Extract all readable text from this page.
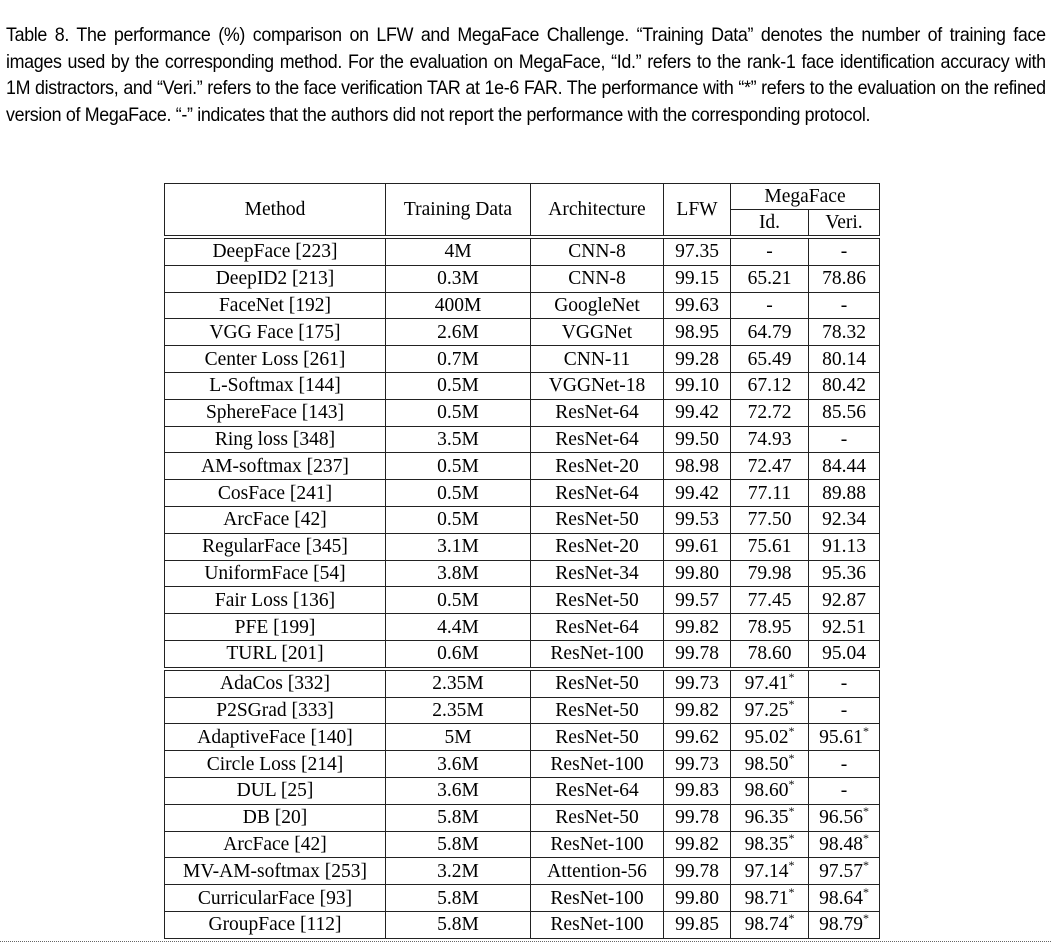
Table 8. The performance (%) comparison on LFW and MegaFace Challenge. “Training Data” denotes the number of training face images used by the corresponding method. For the evaluation on MegaFace, “Id.” refers to the rank-1 face identification accuracy with 1M distractors, and “Veri.” refers to the face verification TAR at 1e-6 FAR. The performance with “*” refers to the evaluation on the refined version of MegaFace. “-” indicates that the authors did not report the performance with the corresponding protocol.

Method	Training Data	Architecture	LFW	MegaFace	
				Id.	Veri.

DeepFace [223]	4M	CNN-8	97.35	-	-
DeepID2 [213]	0.3M	CNN-8	99.15	65.21	78.86
FaceNet [192]	400M	GoogleNet	99.63	-	-
VGG Face [175]	2.6M	VGGNet	98.95	64.79	78.32
Center Loss [261]	0.7M	CNN-11	99.28	65.49	80.14
L-Softmax [144]	0.5M	VGGNet-18	99.10	67.12	80.42
SphereFace [143]	0.5M	ResNet-64	99.42	72.72	85.56
Ring loss [348]	3.5M	ResNet-64	99.50	74.93	-
AM-softmax [237]	0.5M	ResNet-20	98.98	72.47	84.44
CosFace [241]	0.5M	ResNet-64	99.42	77.11	89.88
ArcFace [42]	0.5M	ResNet-50	99.53	77.50	92.34
RegularFace [345]	3.1M	ResNet-20	99.61	75.61	91.13
UniformFace [54]	3.8M	ResNet-34	99.80	79.98	95.36
Fair Loss [136]	0.5M	ResNet-50	99.57	77.45	92.87
PFE [199]	4.4M	ResNet-64	99.82	78.95	92.51
TURL [201]	0.6M	ResNet-100	99.78	78.60	95.04

AdaCos [332]	2.35M	ResNet-50	99.73	97.41*	-
P2SGrad [333]	2.35M	ResNet-50	99.82	97.25*	-
AdaptiveFace [140]	5M	ResNet-50	99.62	95.02*	95.61*
Circle Loss [214]	3.6M	ResNet-100	99.73	98.50*	-
DUL [25]	3.6M	ResNet-64	99.83	98.60*	-
DB [20]	5.8M	ResNet-50	99.78	96.35*	96.56*
ArcFace [42]	5.8M	ResNet-100	99.82	98.35*	98.48*
MV-AM-softmax [253]	3.2M	Attention-56	99.78	97.14*	97.57*
CurricularFace [93]	5.8M	ResNet-100	99.80	98.71*	98.64*
GroupFace [112]	5.8M	ResNet-100	99.85	98.74*	98.79*
